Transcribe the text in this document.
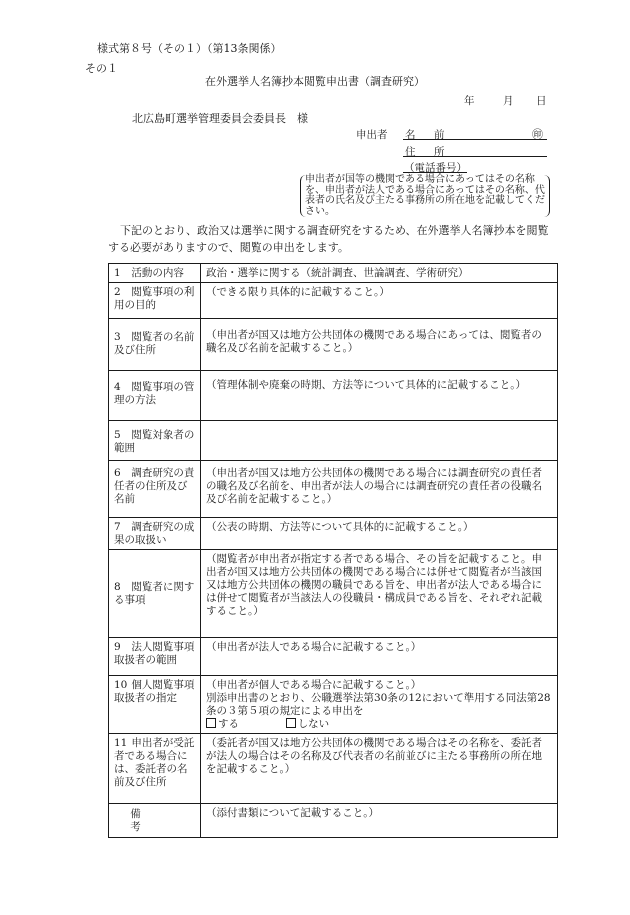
様式第８号（その１）（第13条関係）
その１
在外選挙人名簿抄本閲覧申出書（調査研究）
年	月 日
北広島町選挙管理委員会委員長　様
申出者 名　前	㊞
住　所
（電話番号）
申出者が国等の機関である場合にあってはその名称を、申出者が法人である場合にあってはその名称、代表者の氏名及び主たる事務所の所在地を記載してください。
下記のとおり、政治又は選挙に関する調査研究をするため、在外選挙人名簿抄本を閲覧する必要がありますので、閲覧の申出をします。
1 活動の内容	政治・選挙に関する（統計調査、世論調査、学術研究）
2 閲覧事項の利用の目的	（できる限り具体的に記載すること。）
3 閲覧者の名前及び住所	（申出者が国又は地方公共団体の機関である場合にあっては、閲覧者の職名及び名前を記載すること。）
4 閲覧事項の管理の方法	（管理体制や廃棄の時期、方法等について具体的に記載すること。）
5 閲覧対象者の範囲	
6 調査研究の責任者の住所及び名前	（申出者が国又は地方公共団体の機関である場合には調査研究の責任者の職名及び名前を、申出者が法人の場合には調査研究の責任者の役職名及び名前を記載すること。）
7 調査研究の成果の取扱い	（公表の時期、方法等について具体的に記載すること。）
8 閲覧者に関する事項	（閲覧者が申出者が指定する者である場合、その旨を記載すること。申出者が国又は地方公共団体の機関である場合には併せて閲覧者が当該国又は地方公共団体の機関の職員である旨を、申出者が法人である場合には併せて閲覧者が当該法人の役職員・構成員である旨を、それぞれ記載すること。）
9 法人閲覧事項取扱者の範囲	（申出者が法人である場合に記載すること。）
10 個人閲覧事項取扱者の指定	（申出者が個人である場合に記載すること。）
別添申出書のとおり、公職選挙法第30条の12において準用する同法第28条の３第５項の規定による申出を
する しない

11 申出者が受託者である場合には、委託者の名前及び住所	（委託者が国又は地方公共団体の機関である場合はその名称を、委託者が法人の場合はその名称及び代表者の名前並びに主たる事務所の所在地を記載すること。）
備考	（添付書類について記載すること。）
